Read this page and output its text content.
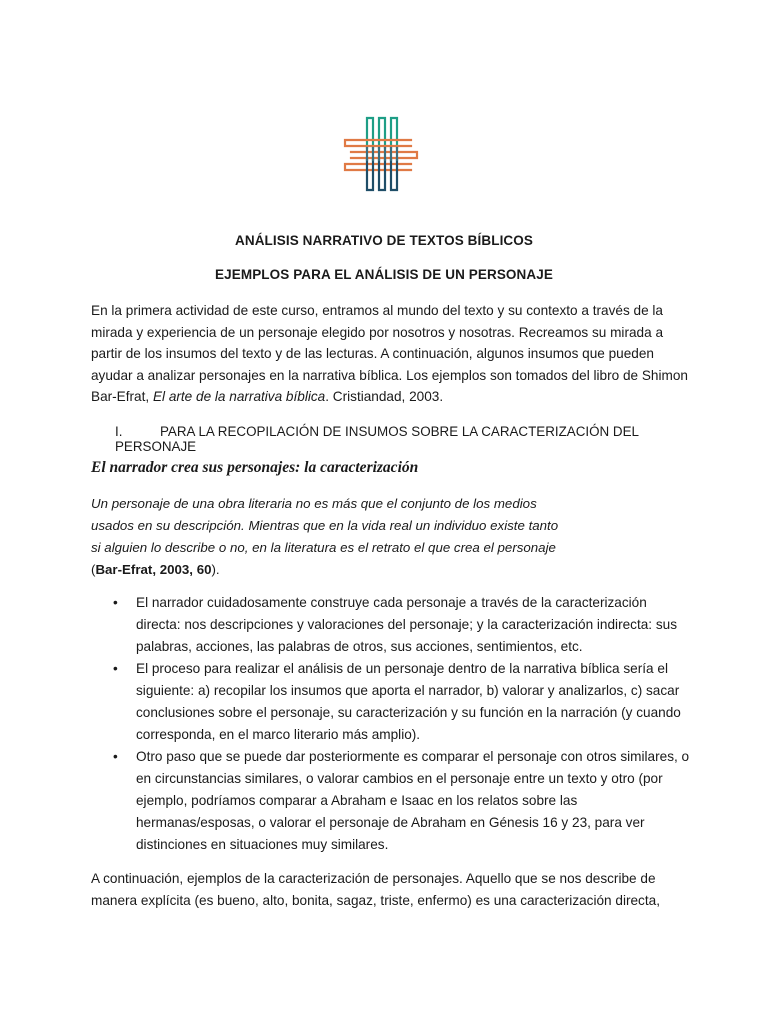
ANÁLISIS NARRATIVO DE TEXTOS BÍBLICOS
EJEMPLOS PARA EL ANÁLISIS DE UN PERSONAJE

En la primera actividad de este curso, entramos al mundo del texto y su contexto a través de la mirada y experiencia de un personaje elegido por nosotros y nosotras. Recreamos su mirada a partir de los insumos del texto y de las lecturas. A continuación, algunos insumos que pueden ayudar a analizar personajes en la narrativa bíblica. Los ejemplos son tomados del libro de Shimon Bar-Efrat, El arte de la narrativa bíblica. Cristiandad, 2003.

I.	PARA LA RECOPILACIÓN DE INSUMOS SOBRE LA CARACTERIZACIÓN DEL PERSONAJE
El narrador crea sus personajes: la caracterización

Un personaje de una obra literaria no es más que el conjunto de los medios usados en su descripción. Mientras que en la vida real un individuo existe tanto si alguien lo describe o no, en la literatura es el retrato el que crea el personaje (Bar-Efrat, 2003, 60).

• El narrador cuidadosamente construye cada personaje a través de la caracterización directa: nos descripciones y valoraciones del personaje; y la caracterización indirecta: sus palabras, acciones, las palabras de otros, sus acciones, sentimientos, etc.
• El proceso para realizar el análisis de un personaje dentro de la narrativa bíblica sería el siguiente: a) recopilar los insumos que aporta el narrador, b) valorar y analizarlos, c) sacar conclusiones sobre el personaje, su caracterización y su función en la narración (y cuando corresponda, en el marco literario más amplio).
• Otro paso que se puede dar posteriormente es comparar el personaje con otros similares, o en circunstancias similares, o valorar cambios en el personaje entre un texto y otro (por ejemplo, podríamos comparar a Abraham e Isaac en los relatos sobre las hermanas/esposas, o valorar el personaje de Abraham en Génesis 16 y 23, para ver distinciones en situaciones muy similares.

A continuación, ejemplos de la caracterización de personajes. Aquello que se nos describe de manera explícita (es bueno, alto, bonita, sagaz, triste, enfermo) es una caracterización directa,
